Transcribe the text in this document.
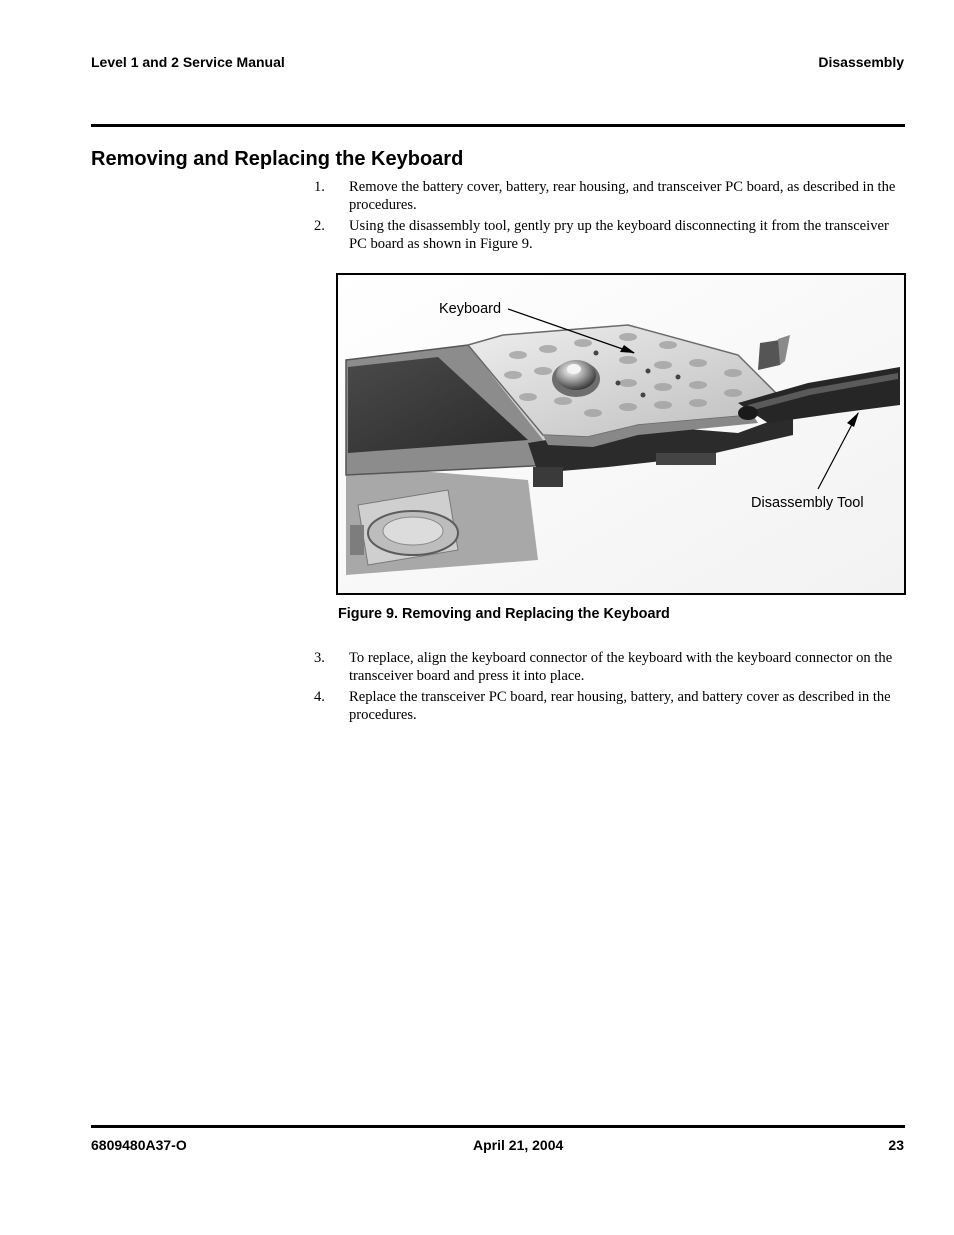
Level 1 and 2 Service Manual	Disassembly
Removing and Replacing the Keyboard
1. Remove the battery cover, battery, rear housing, and transceiver PC board, as described in the procedures.
2. Using the disassembly tool, gently pry up the keyboard disconnecting it from the transceiver PC board as shown in Figure 9.
Keyboard
Disassembly Tool
Figure 9. Removing and Replacing the Keyboard
3. To replace, align the keyboard connector of the keyboard with the keyboard connector on the transceiver board and press it into place.
4. Replace the transceiver PC board, rear housing, battery, and battery cover as described in the procedures.
6809480A37-O	April 21, 2004	23
